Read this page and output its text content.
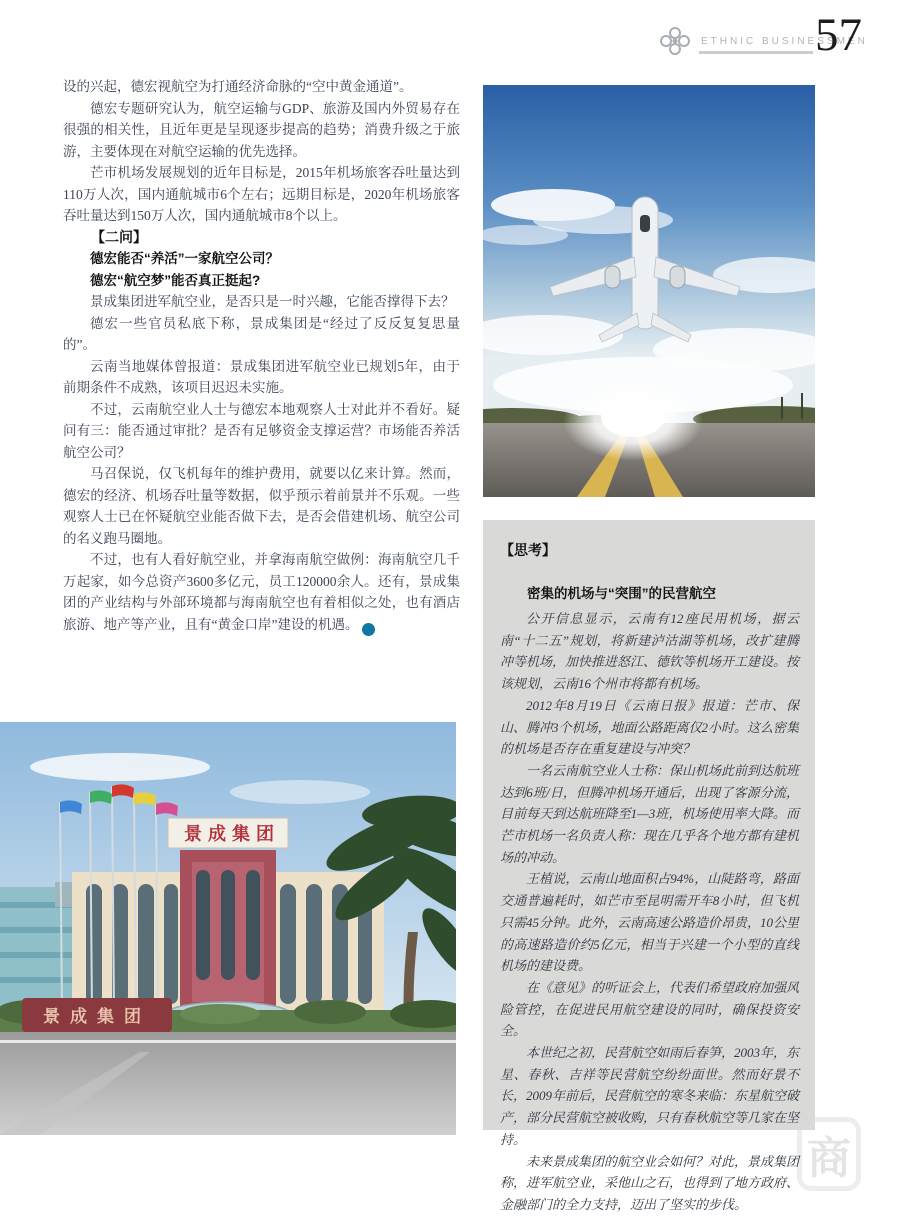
ETHNIC BUSINESSMEN
57

设的兴起，德宏视航空为打通经济命脉的“空中黄金通道”。

德宏专题研究认为，航空运输与GDP、旅游及国内外贸易存在很强的相关性，且近年更是呈现逐步提高的趋势；消费升级之于旅游，主要体现在对航空运输的优先选择。

芒市机场发展规划的近年目标是，2015年机场旅客吞吐量达到110万人次，国内通航城市6个左右；远期目标是，2020年机场旅客吞吐量达到150万人次，国内通航城市8个以上。

【二问】

德宏能否“养活”一家航空公司？

德宏“航空梦”能否真正挺起?

景成集团进军航空业，是否只是一时兴趣，它能否撑得下去？

德宏一些官员私底下称，景成集团是“经过了反反复复思量的”。

云南当地媒体曾报道：景成集团进军航空业已规划5年，由于前期条件不成熟，该项目迟迟未实施。

不过，云南航空业人士与德宏本地观察人士对此并不看好。疑问有三：能否通过审批？是否有足够资金支撑运营？市场能否养活航空公司？

马召保说，仅飞机每年的维护费用，就要以亿来计算。然而，德宏的经济、机场吞吐量等数据，似乎预示着前景并不乐观。一些观察人士已在怀疑航空业能否做下去，是否会借建机场、航空公司的名义跑马圈地。

不过，也有人看好航空业，并拿海南航空做例：海南航空几千万起家，如今总资产3600多亿元，员工120000余人。还有，景成集团的产业结构与外部环境都与海南航空也有着相似之处，也有酒店旅游、地产等产业，且有“黄金口岸”建设的机遇。	▲

【思考】

密集的机场与“突围”的民营航空

公开信息显示，云南有12座民用机场，据云南“十二五”规划，将新建泸沽湖等机场，改扩建腾冲等机场，加快推进怒江、德钦等机场开工建设。按该规划，云南16个州市将都有机场。

2012年8月19日《云南日报》报道：芒市、保山、腾冲3个机场，地面公路距离仅2小时。这么密集的机场是否存在重复建设与冲突？

一名云南航空业人士称：保山机场此前到达航班达到6班/日，但腾冲机场开通后，出现了客源分流，目前每天到达航班降至1—3班，机场使用率大降。而芒市机场一名负责人称：现在几乎各个地方都有建机场的冲动。

王植说，云南山地面积占94%，山陡路弯，路面交通普遍耗时，如芒市至昆明需开车8小时，但飞机只需45分钟。此外，云南高速公路造价昂贵，10公里的高速路造价约5亿元，相当于兴建一个小型的直线机场的建设费。

在《意见》的听证会上，代表们希望政府加强风险管控，在促进民用航空建设的同时，确保投资安全。

本世纪之初，民营航空如雨后春笋，2003年，东星、春秋、吉祥等民营航空纷纷面世。然而好景不长，2009年前后，民营航空的寒冬来临：东星航空破产，部分民营航空被收购，只有春秋航空等几家在坚持。

未来景成集团的航空业会如何？对此，景成集团称，进军航空业，采他山之石，也得到了地方政府、金融部门的全力支持，迈出了坚实的步伐。

景成集团
景成集团
商
